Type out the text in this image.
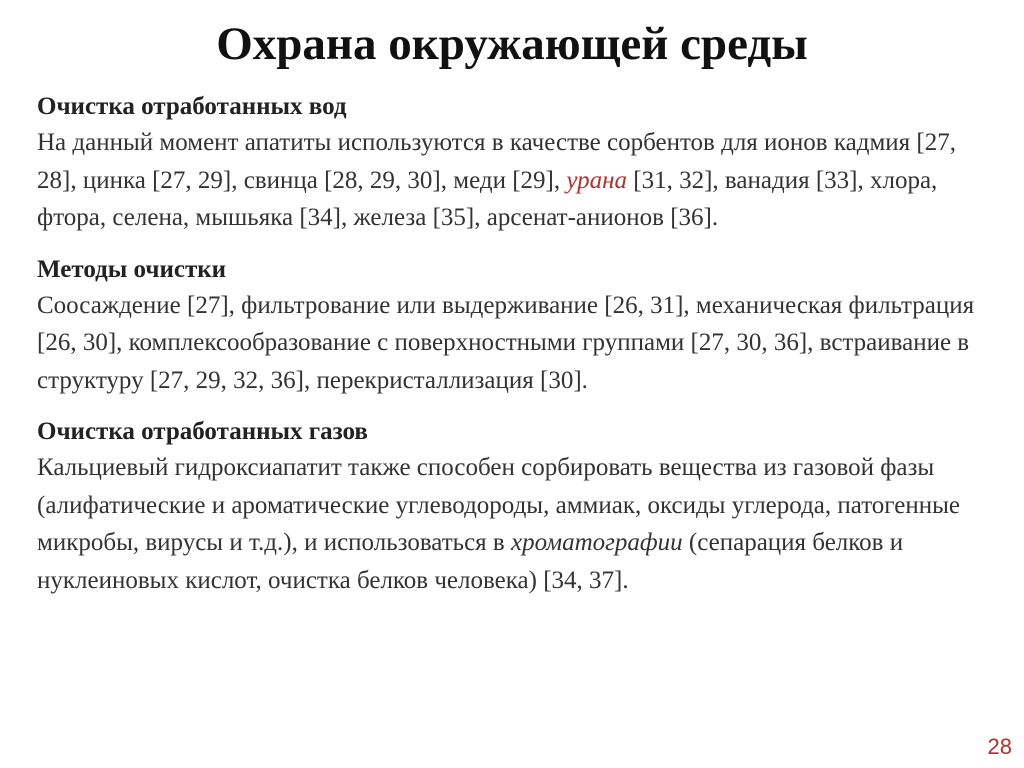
Охрана окружающей среды

Очистка отработанных вод

На данный момент апатиты используются в качестве сорбентов для ионов кадмия [27, 28], цинка [27, 29], свинца [28, 29, 30], меди [29], урана [31, 32], ванадия [33], хлора, фтора, селена, мышьяка [34], железа [35], арсенат-анионов [36].

Методы очистки

Соосаждение [27], фильтрование или выдерживание [26, 31], механическая фильтрация [26, 30], комплексообразование с поверхностными группами [27, 30, 36], встраивание в структуру [27, 29, 32, 36], перекристаллизация [30].

Очистка отработанных газов

Кальциевый гидроксиапатит также способен сорбировать вещества из газовой фазы (алифатические и ароматические углеводороды, аммиак, оксиды углерода, патогенные микробы, вирусы и т.д.), и использоваться в хроматографии (сепарация белков и нуклеиновых кислот, очистка белков человека) [34, 37].

28
